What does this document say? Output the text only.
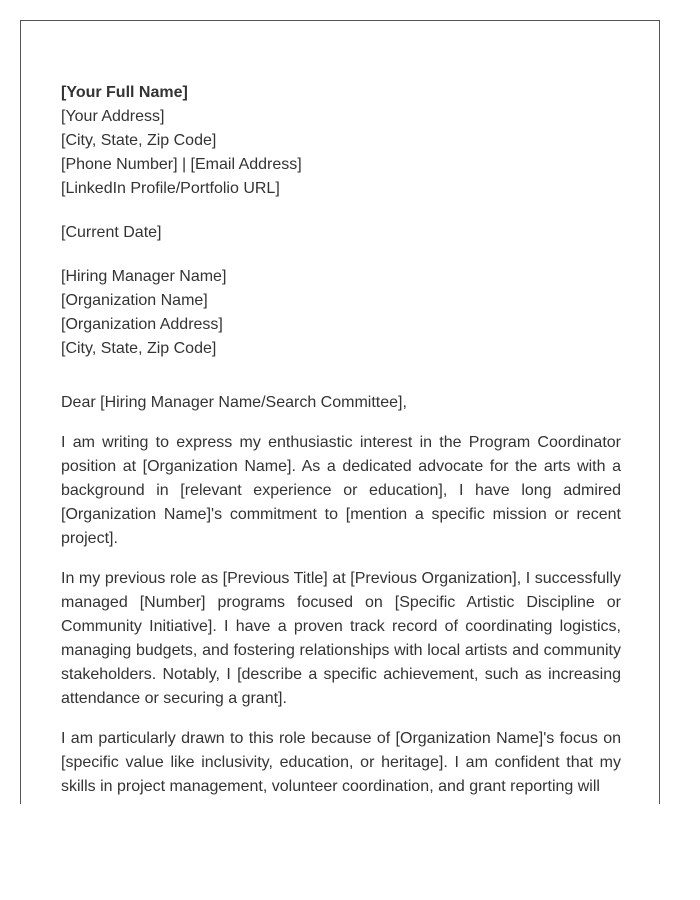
[Your Full Name]
[Your Address]
[City, State, Zip Code]
[Phone Number] | [Email Address]
[LinkedIn Profile/Portfolio URL]
[Current Date]
[Hiring Manager Name]
[Organization Name]
[Organization Address]
[City, State, Zip Code]
Dear [Hiring Manager Name/Search Committee],

I am writing to express my enthusiastic interest in the Program Coordinator position at [Organization Name]. As a dedicated advocate for the arts with a background in [relevant experience or education], I have long admired [Organization Name]'s commitment to [mention a specific mission or recent project].

In my previous role as [Previous Title] at [Previous Organization], I successfully managed [Number] programs focused on [Specific Artistic Discipline or Community Initiative]. I have a proven track record of coordinating logistics, managing budgets, and fostering relationships with local artists and community stakeholders. Notably, I [describe a specific achievement, such as increasing attendance or securing a grant].

I am particularly drawn to this role because of [Organization Name]'s focus on [specific value like inclusivity, education, or heritage]. I am confident that my skills in project management, volunteer coordination, and grant reporting will
